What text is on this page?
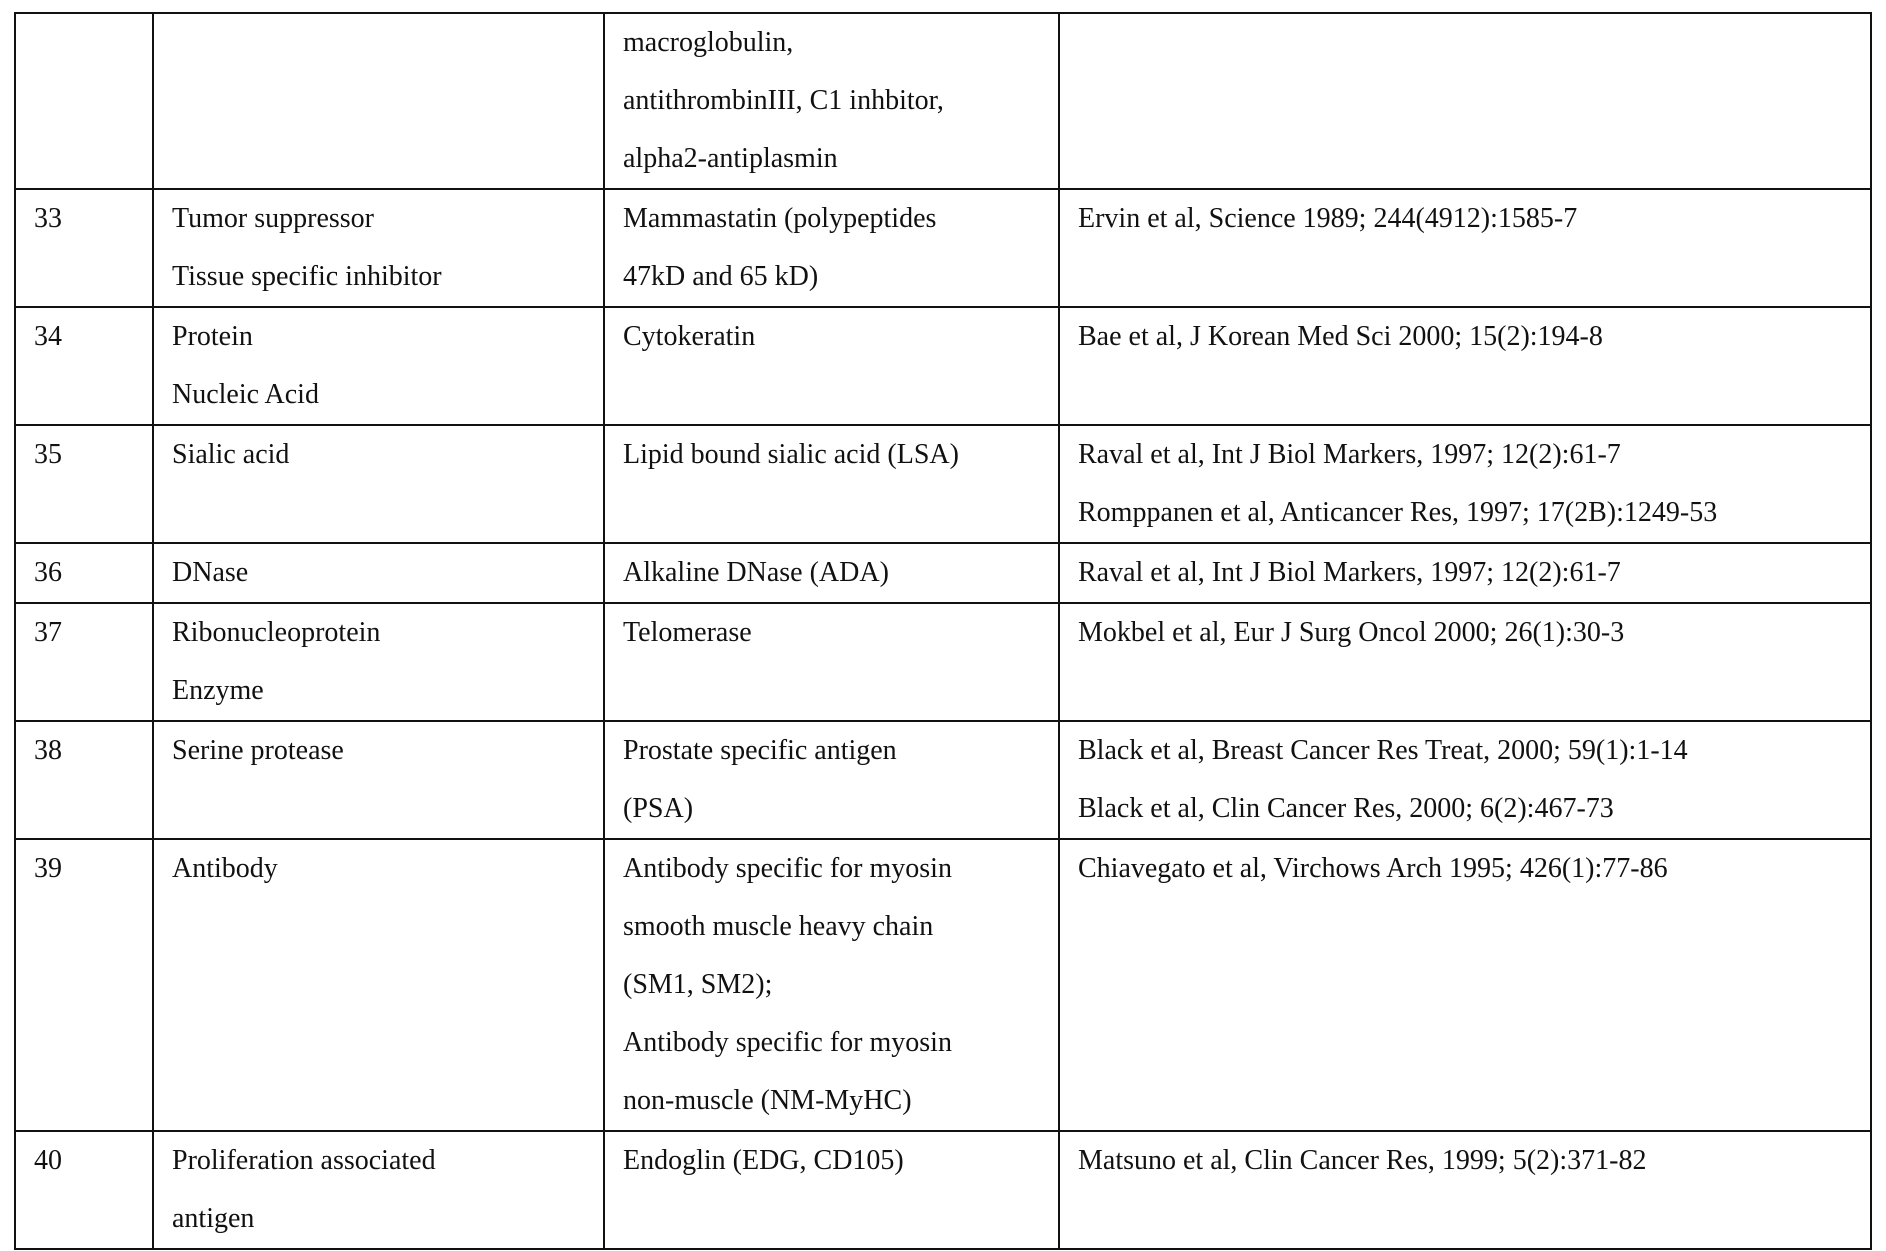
macroglobulin,
antithrombinIII, C1 inhbitor,
alpha2-antiplasmin

33	Tumor suppressor
Tissue specific inhibitor

Mammastatin (polypeptides
47kD and 65 kD)

Ervin et al, Science 1989; 244(4912):1585-7

34	Protein
Nucleic Acid

Cytokeratin	Bae et al, J Korean Med Sci 2000; 15(2):194-8

35	Sialic acid	Lipid bound sialic acid (LSA)	Raval et al, Int J Biol Markers, 1997; 12(2):61-7
Romppanen et al, Anticancer Res, 1997; 17(2B):1249-53

36	DNase	Alkaline DNase (ADA)	Raval et al, Int J Biol Markers, 1997; 12(2):61-7

37	Ribonucleoprotein
Enzyme

Telomerase	Mokbel et al, Eur J Surg Oncol 2000; 26(1):30-3

38	Serine protease	Prostate specific antigen
(PSA)

Black et al, Breast Cancer Res Treat, 2000; 59(1):1-14
Black et al, Clin Cancer Res, 2000; 6(2):467-73

39	Antibody	Antibody specific for myosin
smooth muscle heavy chain
(SM1, SM2);
Antibody specific for myosin
non-muscle (NM-MyHC)

Chiavegato et al, Virchows Arch 1995; 426(1):77-86

40	Proliferation associated
antigen

Endoglin (EDG, CD105)	Matsuno et al, Clin Cancer Res, 1999; 5(2):371-82
